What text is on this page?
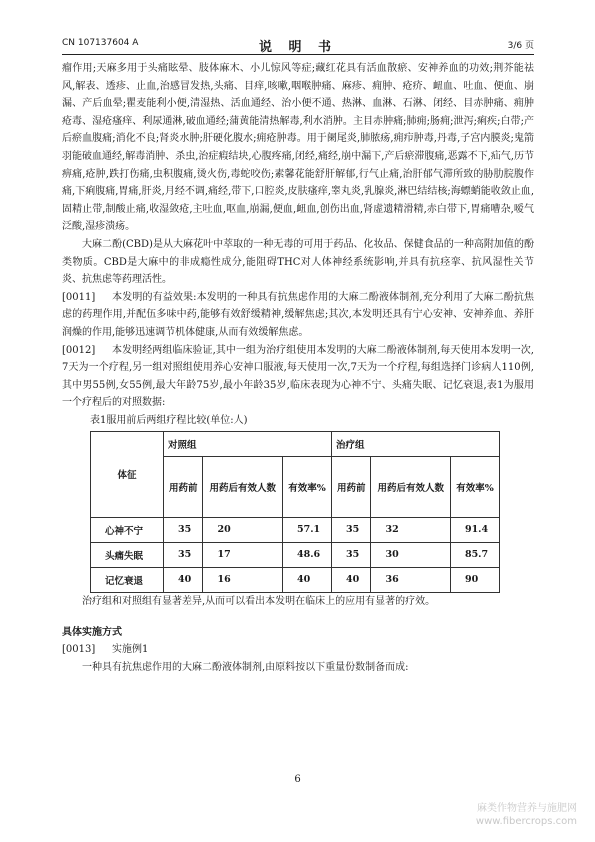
CN 107137604 A	说 明 书	3/6 页

瘤作用;天麻多用于头痛眩晕、肢体麻木、小儿惊风等症;藏红花具有活血散瘀、安神养血的功效;荆芥能祛风,解表、透疹、止血,治感冒发热,头痛、目痒,咳嗽,咽喉肿痛、麻疹、痈肿、疮疥、衄血、吐血、便血、崩漏、产后血晕;瞿麦能利小便,清湿热、活血通经、治小便不通、热淋、血淋、石淋、闭经、目赤肿痛、痈肿疮毒、湿疮瘙痒、利尿通淋,破血通经;蒲黄能清热解毒,利水消肿。主目赤肿痛;肺痈;肠痈;泄泻;痢疾;白带;产后瘀血腹痛;消化不良;肾炎水肿;肝硬化腹水;痈疮肿毒。用于阑尾炎,肺脓疡,痈疖肿毒,丹毒,子宫内膜炎;鬼箭羽能破血通经,解毒消肿、杀虫,治症瘕结块,心腹疼痛,闭经,痛经,崩中漏下,产后瘀滞腹痛,恶露不下,疝气,历节痹痛,疮肿,跌打伤痛,虫积腹痛,烫火伤,毒蛇咬伤;素馨花能舒肝解郁,行气止痛,治肝郁气滞所致的胁肋脘腹作痛,下痢腹痛,胃痛,肝炎,月经不调,痛经,带下,口腔炎,皮肤瘙痒,睾丸炎,乳腺炎,淋巴结结核;海螵蛸能收敛止血,固精止带,制酸止痛,收湿敛疮,主吐血,呕血,崩漏,便血,衄血,创伤出血,肾虚遗精滑精,赤白带下,胃痛嘈杂,嗳气泛酸,湿疹溃疡。

大麻二酚(CBD)是从大麻花叶中萃取的一种无毒的可用于药品、化妆品、保健食品的一种高附加值的酚类物质。CBD是大麻中的非成瘾性成分,能阻碍THC对人体神经系统影响,并具有抗痉挛、抗风湿性关节炎、抗焦虑等药理活性。

[0011] 本发明的有益效果:本发明的一种具有抗焦虑作用的大麻二酚液体制剂,充分利用了大麻二酚抗焦虑的药理作用,并配伍多味中药,能够有效舒缓精神,缓解焦虑;其次,本发明还具有宁心安神、安神养血、养肝润燥的作用,能够迅速调节机体健康,从而有效缓解焦虑。

[0012] 本发明经两组临床验证,其中一组为治疗组使用本发明的大麻二酚液体制剂,每天使用本发明一次,7天为一个疗程,另一组对照组使用养心安神口服液,每天使用一次,7天为一个疗程,每组选择门诊病人110例,其中男55例,女55例,最大年龄75岁,最小年龄35岁,临床表现为心神不宁、头痛失眠、记忆衰退,表1为服用一个疗程后的对照数据:

表1服用前后两组疗程比较(单位:人)
体征	对照组			治疗组		
	用药前	用药后有效人数	有效率%	用药前	用药后有效人数	有效率%
心神不宁	35	20	57.1	35	32	91.4
头痛失眠	35	17	48.6	35	30	85.7
记忆衰退	40	16	40	40	36	90

治疗组和对照组有显著差异,从而可以看出本发明在临床上的应用有显著的疗效。

具体实施方式

[0013] 实施例1

一种具有抗焦虑作用的大麻二酚液体制剂,由原料按以下重量份数制备而成:

6
麻类作物营养与施肥网
www.fibercrops.com
